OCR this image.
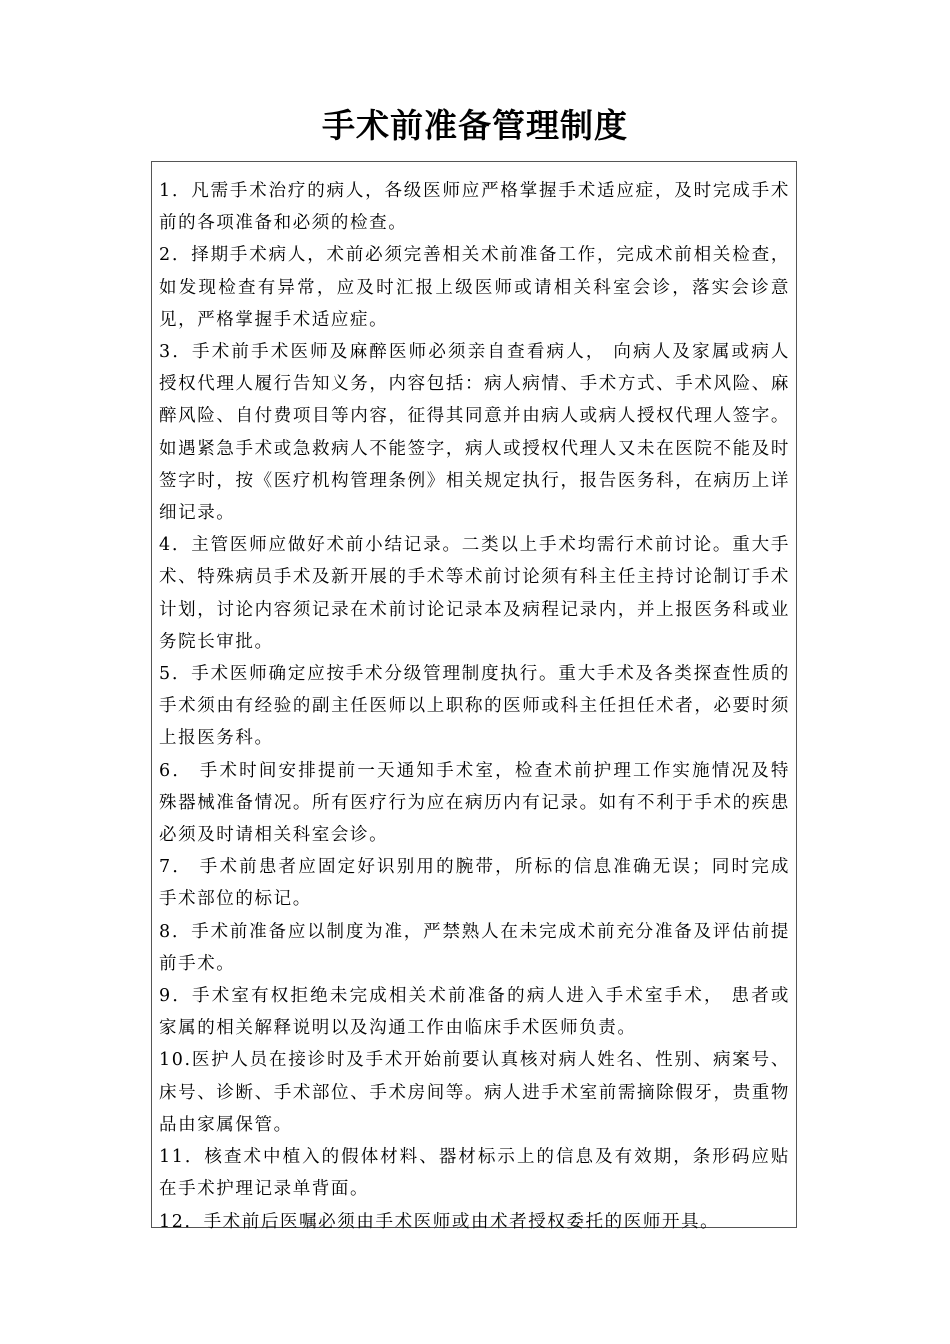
手术前准备管理制度

1．凡需手术治疗的病人，各级医师应严格掌握手术适应症，及时完成手术前的各项准备和必须的检查。

2．择期手术病人，术前必须完善相关术前准备工作，完成术前相关检查，如发现检查有异常，应及时汇报上级医师或请相关科室会诊，落实会诊意见，严格掌握手术适应症。

3．手术前手术医师及麻醉医师必须亲自查看病人， 向病人及家属或病人授权代理人履行告知义务，内容包括：病人病情、手术方式、手术风险、麻醉风险、自付费项目等内容，征得其同意并由病人或病人授权代理人签字。如遇紧急手术或急救病人不能签字，病人或授权代理人又未在医院不能及时签字时，按《医疗机构管理条例》相关规定执行，报告医务科，在病历上详细记录。

4．主管医师应做好术前小结记录。二类以上手术均需行术前讨论。重大手术、特殊病员手术及新开展的手术等术前讨论须有科主任主持讨论制订手术计划，讨论内容须记录在术前讨论记录本及病程记录内，并上报医务科或业务院长审批。

5．手术医师确定应按手术分级管理制度执行。重大手术及各类探查性质的手术须由有经验的副主任医师以上职称的医师或科主任担任术者，必要时须上报医务科。

6． 手术时间安排提前一天通知手术室，检查术前护理工作实施情况及特殊器械准备情况。所有医疗行为应在病历内有记录。如有不利于手术的疾患必须及时请相关科室会诊。

7． 手术前患者应固定好识别用的腕带，所标的信息准确无误；同时完成手术部位的标记。

8．手术前准备应以制度为准，严禁熟人在未完成术前充分准备及评估前提前手术。

9．手术室有权拒绝未完成相关术前准备的病人进入手术室手术， 患者或家属的相关解释说明以及沟通工作由临床手术医师负责。

10.医护人员在接诊时及手术开始前要认真核对病人姓名、性别、病案号、床号、诊断、手术部位、手术房间等。病人进手术室前需摘除假牙，贵重物品由家属保管。

11．核查术中植入的假体材料、器材标示上的信息及有效期，条形码应贴在手术护理记录单背面。

12．手术前后医嘱必须由手术医师或由术者授权委托的医师开具。
